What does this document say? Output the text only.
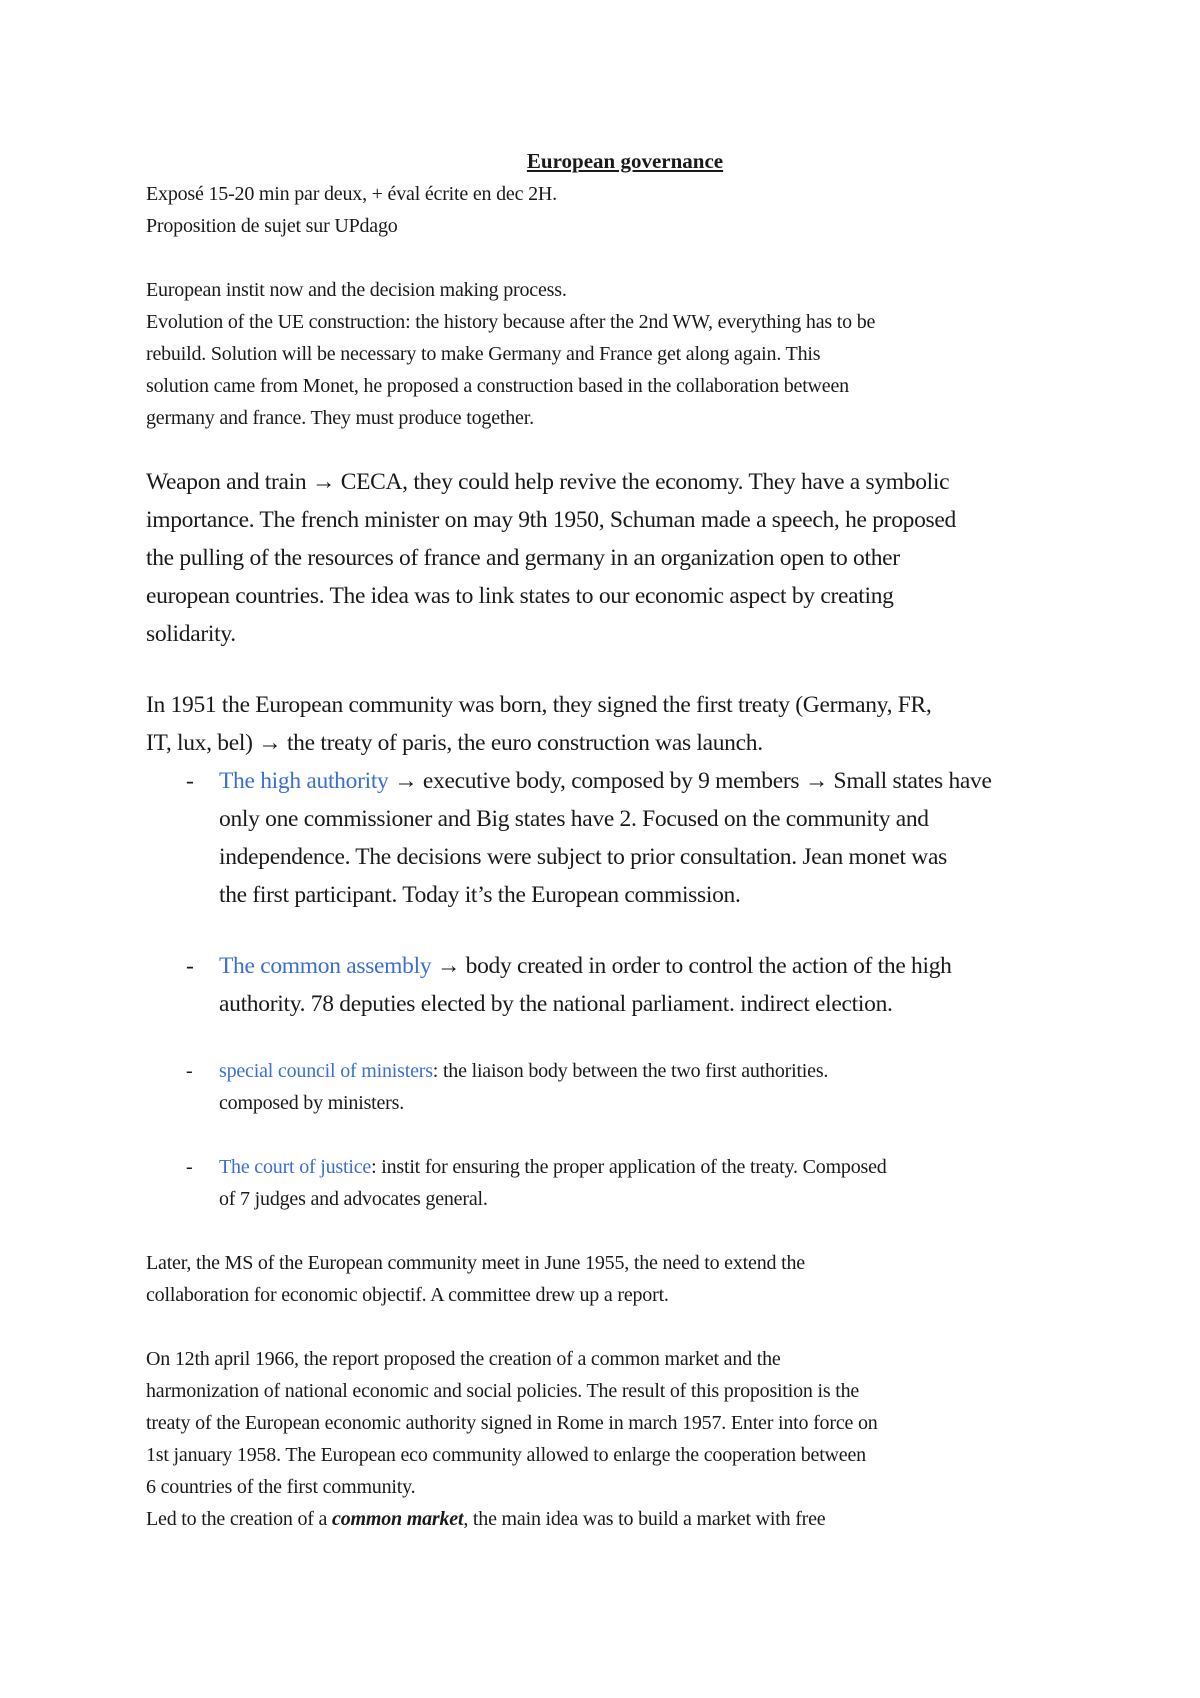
European governance
Exposé 15-20 min par deux, + éval écrite en dec 2H.
Proposition de sujet sur UPdago
European instit now and the decision making process.
Evolution of the UE construction: the history because after the 2nd WW, everything has to be
rebuild. Solution will be necessary to make Germany and France get along again. This
solution came from Monet, he proposed a construction based in the collaboration between
germany and france. They must produce together.
Weapon and train → CECA, they could help revive the economy. They have a symbolic
importance. The french minister on may 9th 1950, Schuman made a speech, he proposed
the pulling of the resources of france and germany in an organization open to other
european countries. The idea was to link states to our economic aspect by creating
solidarity.
In 1951 the European community was born, they signed the first treaty (Germany, FR,
IT, lux, bel) → the treaty of paris, the euro construction was launch.
- The high authority → executive body, composed by 9 members → Small states have
only one commissioner and Big states have 2. Focused on the community and
independence. The decisions were subject to prior consultation. Jean monet was
the first participant. Today it’s the European commission.
- The common assembly → body created in order to control the action of the high
authority. 78 deputies elected by the national parliament. indirect election.
- special council of ministers: the liaison body between the two first authorities.
composed by ministers.
- The court of justice: instit for ensuring the proper application of the treaty. Composed
of 7 judges and advocates general.
Later, the MS of the European community meet in June 1955, the need to extend the
collaboration for economic objectif. A committee drew up a report.
On 12th april 1966, the report proposed the creation of a common market and the
harmonization of national economic and social policies. The result of this proposition is the
treaty of the European economic authority signed in Rome in march 1957. Enter into force on
1st january 1958. The European eco community allowed to enlarge the cooperation between
6 countries of the first community.
Led to the creation of a common market, the main idea was to build a market with free
